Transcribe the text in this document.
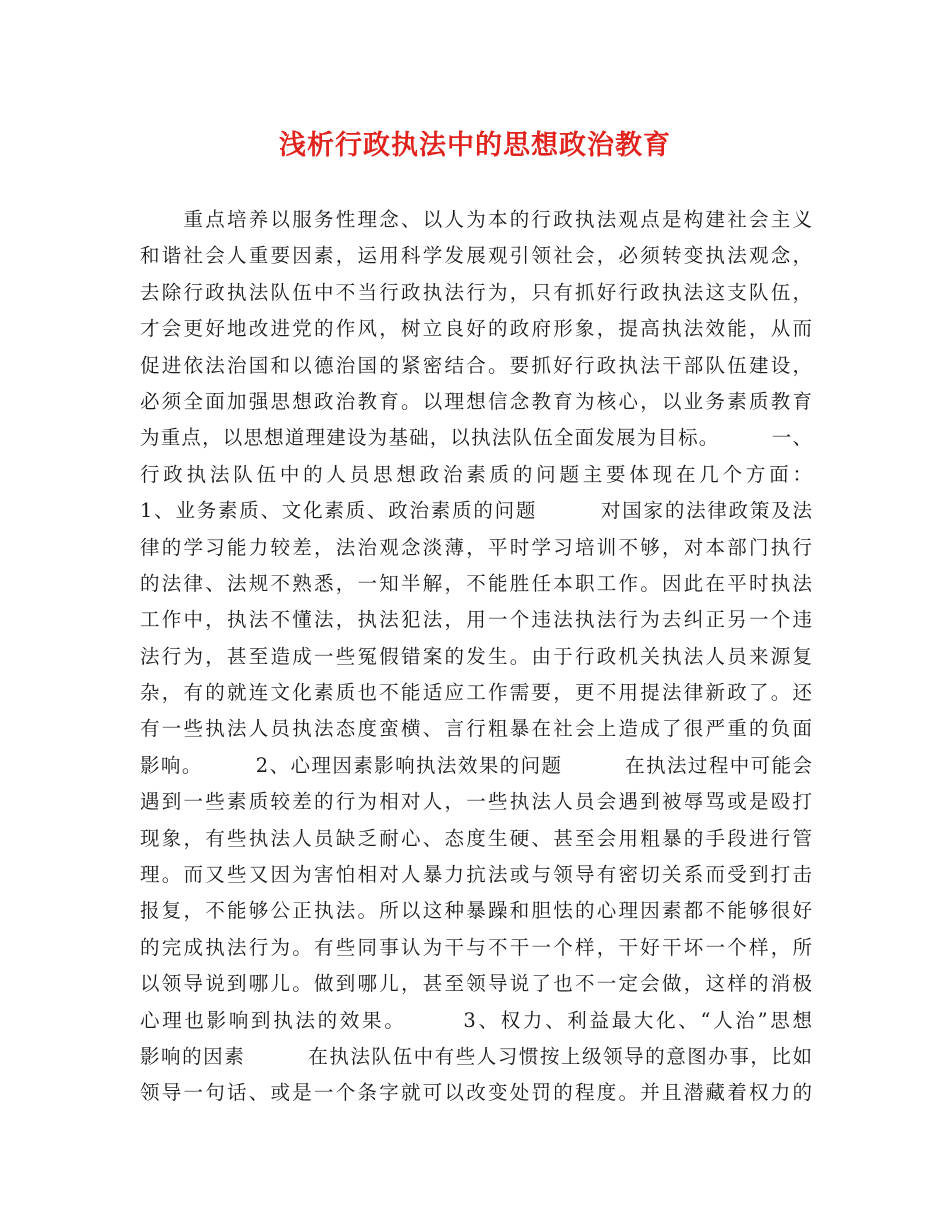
浅析行政执法中的思想政治教育
　　重点培养以服务性理念、以人为本的行政执法观点是构建社会主义
和谐社会人重要因素，运用科学发展观引领社会，必须转变执法观念，
去除行政执法队伍中不当行政执法行为，只有抓好行政执法这支队伍，
才会更好地改进党的作风，树立良好的政府形象，提高执法效能，从而
促进依法治国和以德治国的紧密结合。要抓好行政执法干部队伍建设，
必须全面加强思想政治教育。以理想信念教育为核心，以业务素质教育
为重点，以思想道理建设为基础，以执法队伍全面发展为目标。　　　一、
行政执法队伍中的人员思想政治素质的问题主要体现在几个方面：
1、业务素质、文化素质、政治素质的问题　　　对国家的法律政策及法
律的学习能力较差，法治观念淡薄，平时学习培训不够，对本部门执行
的法律、法规不熟悉，一知半解，不能胜任本职工作。因此在平时执法
工作中，执法不懂法，执法犯法，用一个违法执法行为去纠正另一个违
法行为，甚至造成一些冤假错案的发生。由于行政机关执法人员来源复
杂，有的就连文化素质也不能适应工作需要，更不用提法律新政了。还
有一些执法人员执法态度蛮横、言行粗暴在社会上造成了很严重的负面
影响。　　　2、心理因素影响执法效果的问题　　　在执法过程中可能会
遇到一些素质较差的行为相对人，一些执法人员会遇到被辱骂或是殴打
现象，有些执法人员缺乏耐心、态度生硬、甚至会用粗暴的手段进行管
理。而又些又因为害怕相对人暴力抗法或与领导有密切关系而受到打击
报复，不能够公正执法。所以这种暴躁和胆怯的心理因素都不能够很好
的完成执法行为。有些同事认为干与不干一个样，干好干坏一个样，所
以领导说到哪儿。做到哪儿，甚至领导说了也不一定会做，这样的消极
心理也影响到执法的效果。　　　3、权力、利益最大化、“人治”思想
影响的因素　　　在执法队伍中有些人习惯按上级领导的意图办事，比如
领导一句话、或是一个条字就可以改变处罚的程度。并且潜藏着权力的
